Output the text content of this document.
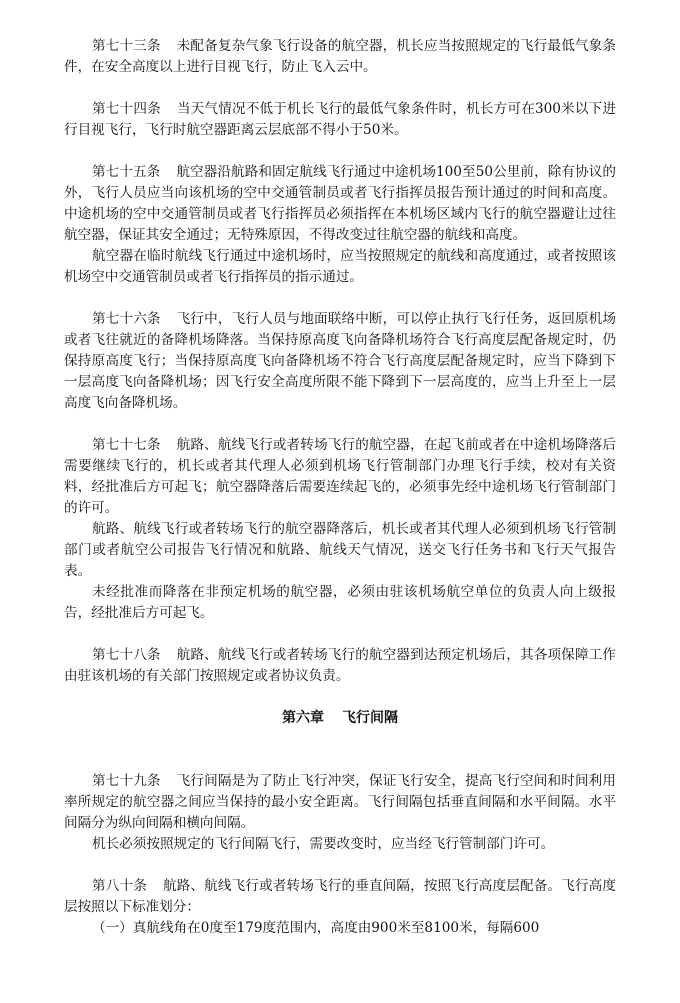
第七十三条 未配备复杂气象飞行设备的航空器，机长应当按照规定的飞行最低气象条件，在安全高度以上进行目视飞行，防止飞入云中。

第七十四条 当天气情况不低于机长飞行的最低气象条件时，机长方可在300米以下进行目视飞行，飞行时航空器距离云层底部不得小于50米。

第七十五条 航空器沿航路和固定航线飞行通过中途机场100至50公里前，除有协议的外，飞行人员应当向该机场的空中交通管制员或者飞行指挥员报告预计通过的时间和高度。中途机场的空中交通管制员或者飞行指挥员必须指挥在本机场区域内飞行的航空器避让过往航空器，保证其安全通过；无特殊原因，不得改变过往航空器的航线和高度。

航空器在临时航线飞行通过中途机场时，应当按照规定的航线和高度通过，或者按照该机场空中交通管制员或者飞行指挥员的指示通过。

第七十六条 飞行中，飞行人员与地面联络中断，可以停止执行飞行任务，返回原机场或者飞往就近的备降机场降落。当保持原高度飞向备降机场符合飞行高度层配备规定时，仍保持原高度飞行；当保持原高度飞向备降机场不符合飞行高度层配备规定时，应当下降到下一层高度飞向备降机场；因飞行安全高度所限不能下降到下一层高度的，应当上升至上一层高度飞向备降机场。

第七十七条 航路、航线飞行或者转场飞行的航空器，在起飞前或者在中途机场降落后需要继续飞行的，机长或者其代理人必须到机场飞行管制部门办理飞行手续，校对有关资料，经批准后方可起飞；航空器降落后需要连续起飞的，必须事先经中途机场飞行管制部门的许可。

航路、航线飞行或者转场飞行的航空器降落后，机长或者其代理人必须到机场飞行管制部门或者航空公司报告飞行情况和航路、航线天气情况，送交飞行任务书和飞行天气报告表。

未经批准而降落在非预定机场的航空器，必须由驻该机场航空单位的负责人向上级报告，经批准后方可起飞。

第七十八条 航路、航线飞行或者转场飞行的航空器到达预定机场后，其各项保障工作由驻该机场的有关部门按照规定或者协议负责。

第六章 飞行间隔

第七十九条 飞行间隔是为了防止飞行冲突，保证飞行安全，提高飞行空间和时间利用率所规定的航空器之间应当保持的最小安全距离。飞行间隔包括垂直间隔和水平间隔。水平间隔分为纵向间隔和横向间隔。

机长必须按照规定的飞行间隔飞行，需要改变时，应当经飞行管制部门许可。

第八十条 航路、航线飞行或者转场飞行的垂直间隔，按照飞行高度层配备。飞行高度层按照以下标准划分：

（一）真航线角在0度至179度范围内，高度由900米至8100米，每隔600
